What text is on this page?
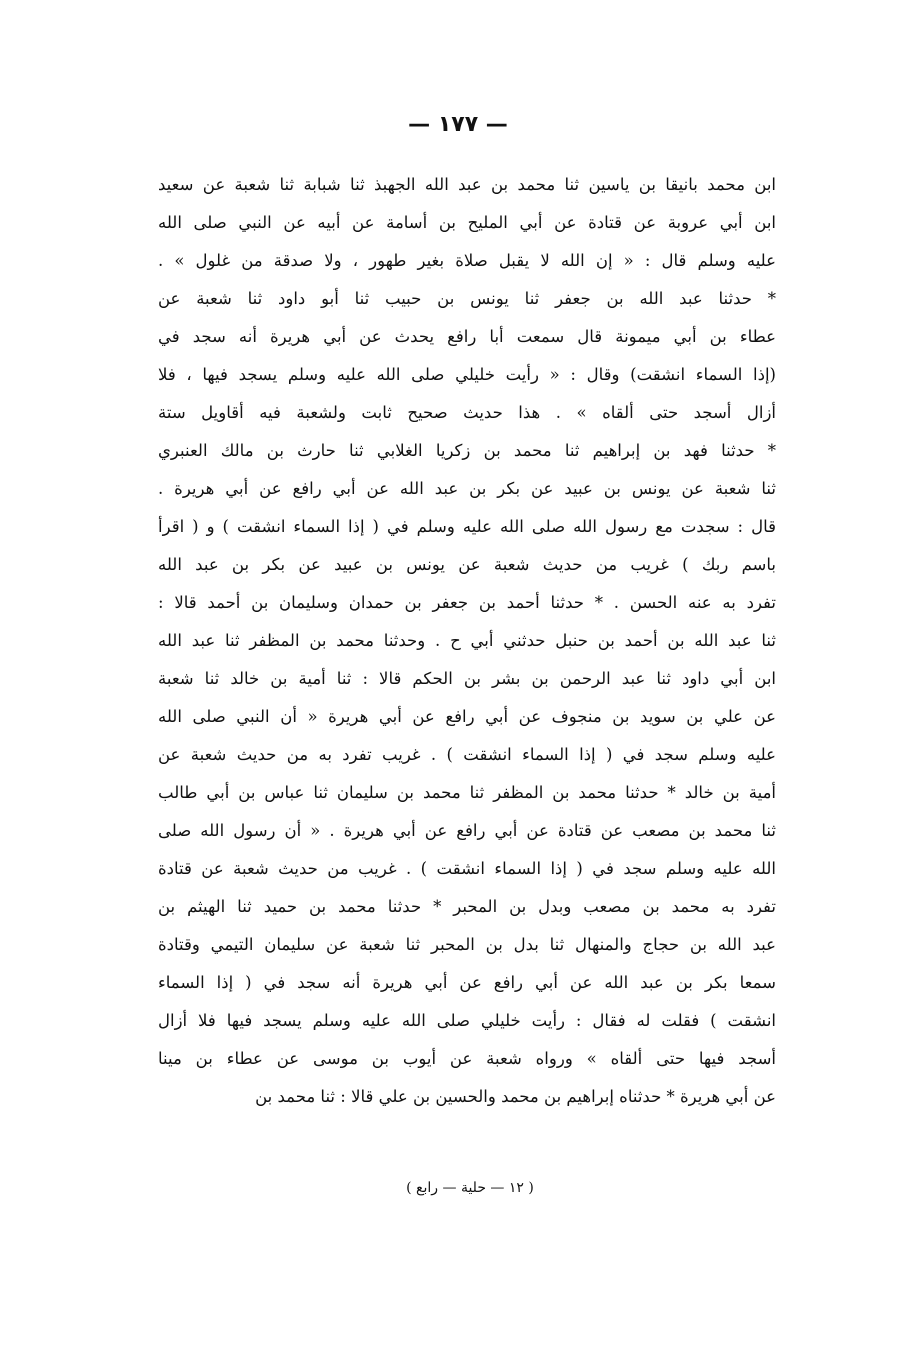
— ١٧٧ —
ابن محمد بانيقا بن ياسين ثنا محمد بن عبد الله الجهبذ ثنا شبابة ثنا شعبة عن سعيد
ابن أبي عروبة عن قتادة عن أبي المليح بن أسامة عن أبيه عن النبي صلى الله
عليه وسلم قال : « إن الله لا يقبل صلاة بغير طهور ، ولا صدقة من غلول » .
* حدثنا عبد الله بن جعفر ثنا يونس بن حبيب ثنا أبو داود ثنا شعبة عن
عطاء بن أبي ميمونة قال سمعت أبا رافع يحدث عن أبي هريرة أنه سجد في
(إذا السماء انشقت) وقال : « رأيت خليلي صلى الله عليه وسلم يسجد فيها ، فلا
أزال أسجد حتى ألقاه » . هذا حديث صحيح ثابت ولشعبة فيه أقاويل ستة
* حدثنا فهد بن إبراهيم ثنا محمد بن زكريا الغلابي ثنا حارث بن مالك العنبري
ثنا شعبة عن يونس بن عبيد عن بكر بن عبد الله عن أبي رافع عن أبي هريرة .
قال : سجدت مع رسول الله صلى الله عليه وسلم في ( إذا السماء انشقت ) و ( اقرأ
باسم ربك ) غريب من حديث شعبة عن يونس بن عبيد عن بكر بن عبد الله
تفرد به عنه الحسن . * حدثنا أحمد بن جعفر بن حمدان وسليمان بن أحمد قالا :
ثنا عبد الله بن أحمد بن حنبل حدثني أبي ح . وحدثنا محمد بن المظفر ثنا عبد الله
ابن أبي داود ثنا عبد الرحمن بن بشر بن الحكم قالا : ثنا أمية بن خالد ثنا شعبة
عن علي بن سويد بن منجوف عن أبي رافع عن أبي هريرة « أن النبي صلى الله
عليه وسلم سجد في ( إذا السماء انشقت ) . غريب تفرد به من حديث شعبة عن
أمية بن خالد * حدثنا محمد بن المظفر ثنا محمد بن سليمان ثنا عباس بن أبي طالب
ثنا محمد بن مصعب عن قتادة عن أبي رافع عن أبي هريرة . « أن رسول الله صلى
الله عليه وسلم سجد في ( إذا السماء انشقت ) . غريب من حديث شعبة عن قتادة
تفرد به محمد بن مصعب وبدل بن المحبر * حدثنا محمد بن حميد ثنا الهيثم بن
عبد الله بن حجاج والمنهال ثنا بدل بن المحبر ثنا شعبة عن سليمان التيمي وقتادة
سمعا بكر بن عبد الله عن أبي رافع عن أبي هريرة أنه سجد في ( إذا السماء
انشقت ) فقلت له فقال : رأيت خليلي صلى الله عليه وسلم يسجد فيها فلا أزال
أسجد فيها حتى ألقاه » ورواه شعبة عن أيوب بن موسى عن عطاء بن مينا
عن أبي هريرة * حدثناه إبراهيم بن محمد والحسين بن علي قالا : ثنا محمد بن
( ١٢ — حلية — رابع )
